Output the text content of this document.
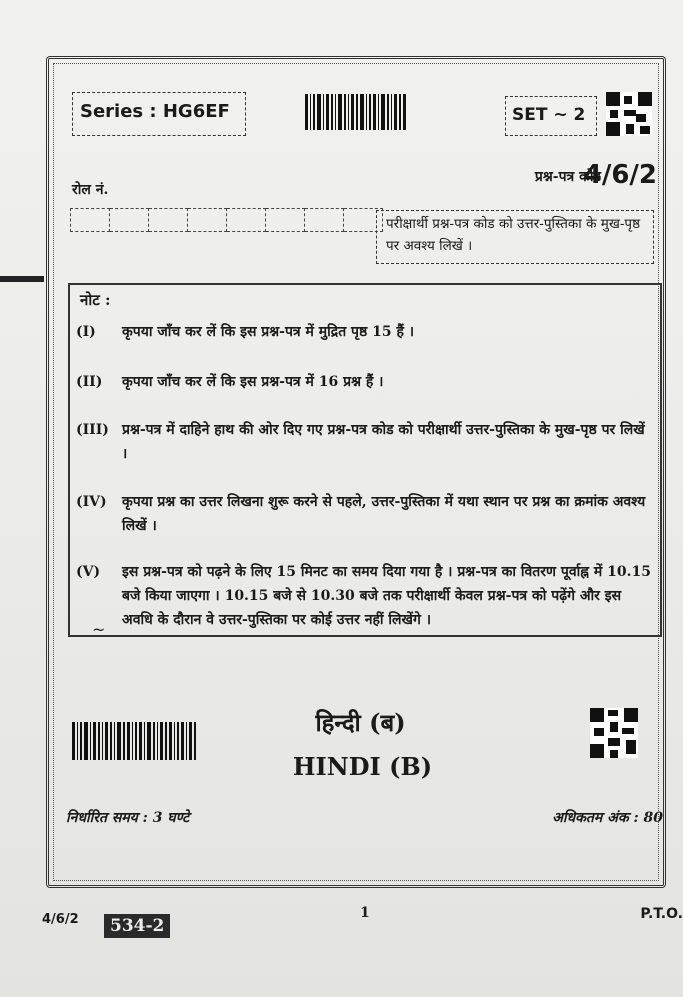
Series : HG6EF	SET ~ 2
प्रश्न-पत्र कोड
4/6/2
रोल नं.
परीक्षार्थी प्रश्न-पत्र कोड को उत्तर-पुस्तिका के मुख-पृष्ठ पर अवश्य लिखें ।
नोट :
(I)	कृपया जाँच कर लें कि इस प्रश्न-पत्र में मुद्रित पृष्ठ 15 हैं ।
(II)	कृपया जाँच कर लें कि इस प्रश्न-पत्र में 16 प्रश्न हैं ।
(III) प्रश्न-पत्र में दाहिने हाथ की ओर दिए गए प्रश्न-पत्र कोड को परीक्षार्थी उत्तर-पुस्तिका के मुख-पृष्ठ पर लिखें ।
(IV)	कृपया प्रश्न का उत्तर लिखना शुरू करने से पहले, उत्तर-पुस्तिका में यथा स्थान पर प्रश्न का क्रमांक अवश्य लिखें ।
(V)	इस प्रश्न-पत्र को पढ़ने के लिए 15 मिनट का समय दिया गया है । प्रश्न-पत्र का वितरण पूर्वाह्न में 10.15 बजे किया जाएगा । 10.15 बजे से 10.30 बजे तक परीक्षार्थी केवल प्रश्न-पत्र को पढ़ेंगे और इस अवधि के दौरान वे उत्तर-पुस्तिका पर कोई उत्तर नहीं लिखेंगे ।
~
हिन्दी (ब)
HINDI (B)
निर्धारित समय : 3 घण्टे	अधिकतम अंक : 80
4/6/2	534-2
1	P.T.O.
